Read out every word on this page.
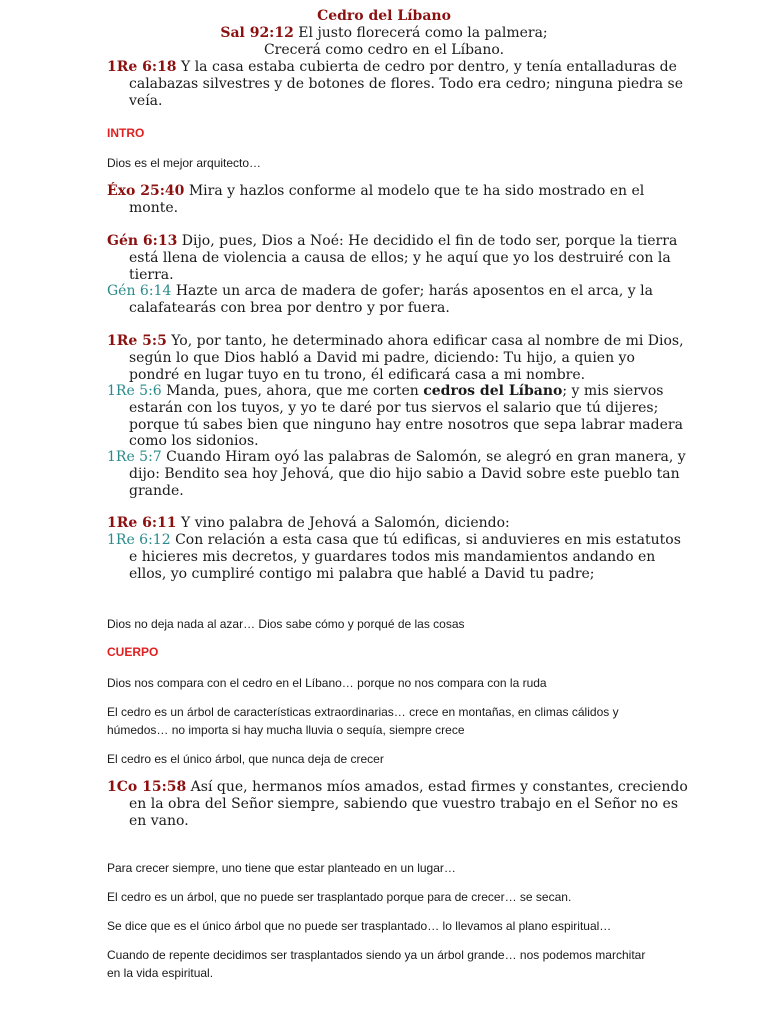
Cedro del Líbano
Sal 92:12 El justo florecerá como la palmera;
Crecerá como cedro en el Líbano.
1Re 6:18 Y la casa estaba cubierta de cedro por dentro, y tenía entalladuras de calabazas silvestres y de botones de flores. Todo era cedro; ninguna piedra se veía.
INTRO
Dios es el mejor arquitecto…
Éxo 25:40 Mira y hazlos conforme al modelo que te ha sido mostrado en el monte.
Gén 6:13 Dijo, pues, Dios a Noé: He decidido el fin de todo ser, porque la tierra está llena de violencia a causa de ellos; y he aquí que yo los destruiré con la tierra.
Gén 6:14 Hazte un arca de madera de gofer; harás aposentos en el arca, y la calafatearás con brea por dentro y por fuera.
1Re 5:5 Yo, por tanto, he determinado ahora edificar casa al nombre de mi Dios, según lo que Dios habló a David mi padre, diciendo: Tu hijo, a quien yo pondré en lugar tuyo en tu trono, él edificará casa a mi nombre.
1Re 5:6 Manda, pues, ahora, que me corten cedros del Líbano; y mis siervos estarán con los tuyos, y yo te daré por tus siervos el salario que tú dijeres; porque tú sabes bien que ninguno hay entre nosotros que sepa labrar madera como los sidonios.
1Re 5:7 Cuando Hiram oyó las palabras de Salomón, se alegró en gran manera, y dijo: Bendito sea hoy Jehová, que dio hijo sabio a David sobre este pueblo tan grande.
1Re 6:11 Y vino palabra de Jehová a Salomón, diciendo:
1Re 6:12 Con relación a esta casa que tú edificas, si anduvieres en mis estatutos e hicieres mis decretos, y guardares todos mis mandamientos andando en ellos, yo cumpliré contigo mi palabra que hablé a David tu padre;
Dios no deja nada al azar… Dios sabe cómo y porqué de las cosas
CUERPO
Dios nos compara con el cedro en el Líbano… porque no nos compara con la ruda
El cedro es un árbol de características extraordinarias… crece en montañas, en climas cálidos y húmedos… no importa si hay mucha lluvia o sequía, siempre crece
El cedro es el único árbol, que nunca deja de crecer
1Co 15:58 Así que, hermanos míos amados, estad firmes y constantes, creciendo en la obra del Señor siempre, sabiendo que vuestro trabajo en el Señor no es en vano.
Para crecer siempre, uno tiene que estar planteado en un lugar…
El cedro es un árbol, que no puede ser trasplantado porque para de crecer… se secan.
Se dice que es el único árbol que no puede ser trasplantado… lo llevamos al plano espiritual…
Cuando de repente decidimos ser trasplantados siendo ya un árbol grande… nos podemos marchitar en la vida espiritual.
